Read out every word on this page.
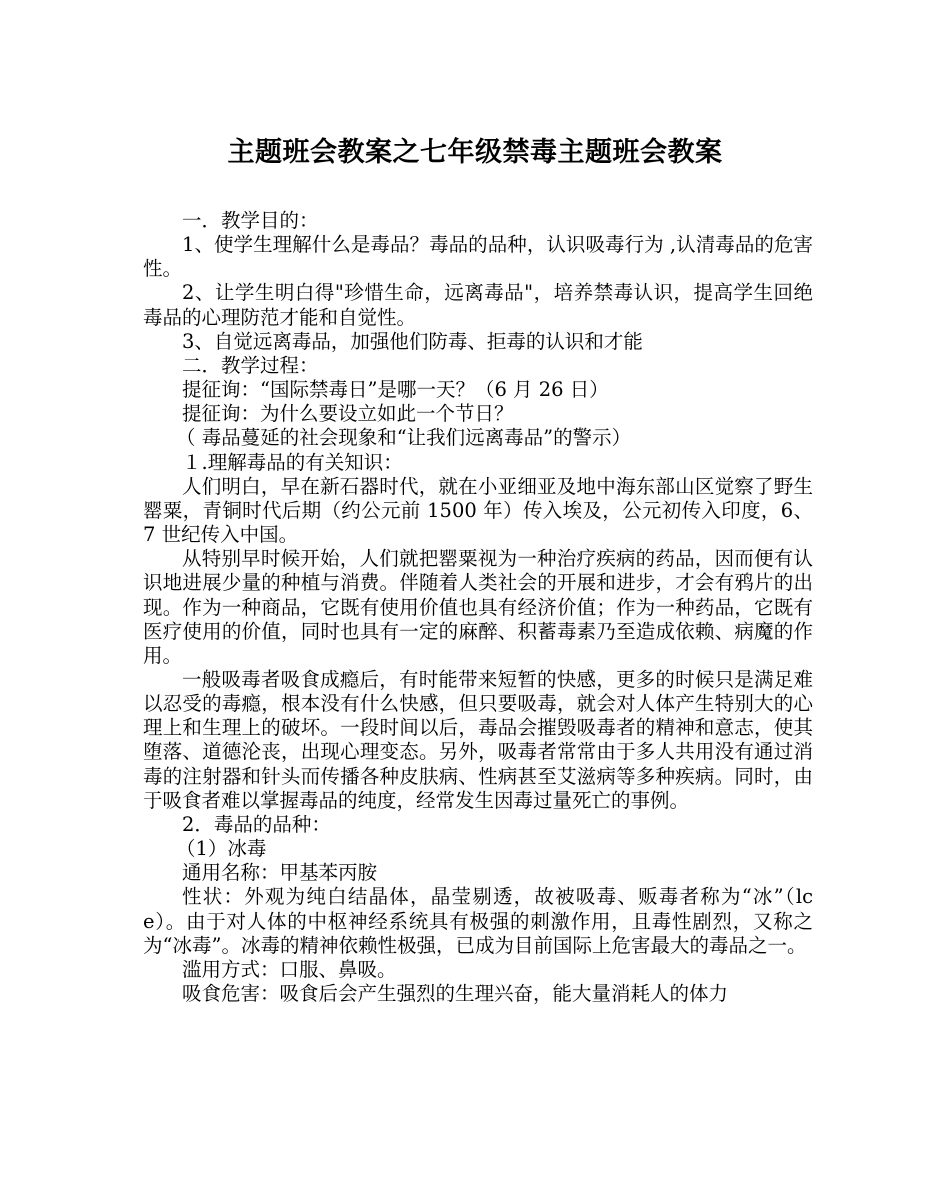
主题班会教案之七年级禁毒主题班会教案

一．教学目的：

1、使学生理解什么是毒品？毒品的品种，认识吸毒行为 ,认清毒品的危害性。

2、让学生明白得"珍惜生命，远离毒品"，培养禁毒认识，提高学生回绝毒品的心理防范才能和自觉性。

3、自觉远离毒品，加强他们防毒、拒毒的认识和才能

二．教学过程：

提征询：“国际禁毒日”是哪一天？（6 月 26 日）

提征询：为什么要设立如此一个节日？

（ 毒品蔓延的社会现象和“让我们远离毒品”的警示）

１.理解毒品的有关知识：

人们明白，早在新石器时代，就在小亚细亚及地中海东部山区觉察了野生罂粟，青铜时代后期（约公元前 1500 年）传入埃及，公元初传入印度，6、7 世纪传入中国。

从特别早时候开始，人们就把罂粟视为一种治疗疾病的药品，因而便有认识地进展少量的种植与消费。伴随着人类社会的开展和进步，才会有鸦片的出现。作为一种商品，它既有使用价值也具有经济价值；作为一种药品，它既有医疗使用的价值，同时也具有一定的麻醉、积蓄毒素乃至造成依赖、病魔的作用。

一般吸毒者吸食成瘾后，有时能带来短暂的快感，更多的时候只是满足难以忍受的毒瘾，根本没有什么快感，但只要吸毒，就会对人体产生特别大的心理上和生理上的破坏。一段时间以后，毒品会摧毁吸毒者的精神和意志，使其堕落、道德沦丧，出现心理变态。另外，吸毒者常常由于多人共用没有通过消毒的注射器和针头而传播各种皮肤病、性病甚至艾滋病等多种疾病。同时，由于吸食者难以掌握毒品的纯度，经常发生因毒过量死亡的事例。

2．毒品的品种：

（1）冰毒

通用名称：甲基苯丙胺

性状：外观为纯白结晶体，晶莹剔透，故被吸毒、贩毒者称为“冰”（lce）。由于对人体的中枢神经系统具有极强的刺激作用，且毒性剧烈，又称之为“冰毒”。冰毒的精神依赖性极强，已成为目前国际上危害最大的毒品之一。

滥用方式：口服、鼻吸。

吸食危害：吸食后会产生强烈的生理兴奋，能大量消耗人的体力
